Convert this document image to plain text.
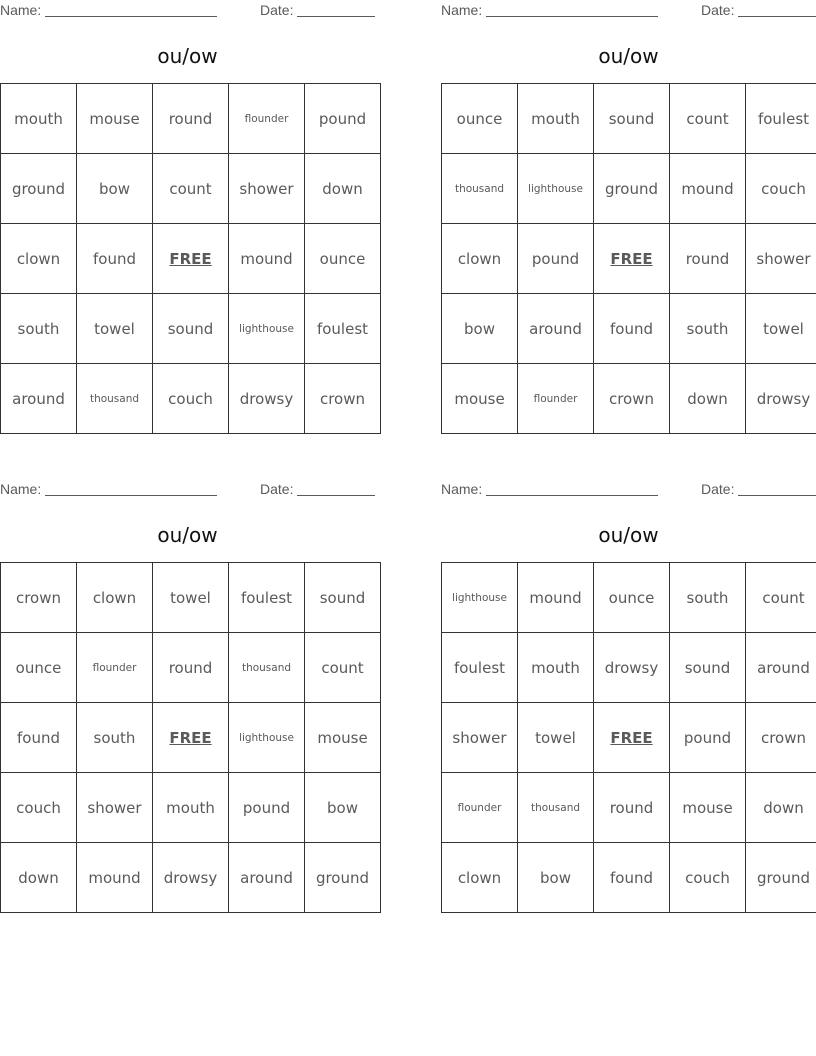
Name:	Date:
ou/ow
mouth	mouse	round	flounder	pound
ground	bow	count	shower	down
clown	found	FREE	mound	ounce
south	towel	sound	lighthouse	foulest
around	thousand	couch	drowsy	crown
Name:	Date:
ou/ow
ounce	mouth	sound	count	foulest
thousand	lighthouse	ground	mound	couch
clown	pound	FREE	round	shower
bow	around	found	south	towel
mouse	flounder	crown	down	drowsy
Name:	Date:
ou/ow
crown	clown	towel	foulest	sound
ounce	flounder	round	thousand	count
found	south	FREE	lighthouse	mouse
couch	shower	mouth	pound	bow
down	mound	drowsy	around	ground
Name:	Date:
ou/ow
lighthouse	mound	ounce	south	count
foulest	mouth	drowsy	sound	around
shower	towel	FREE	pound	crown
flounder	thousand	round	mouse	down
clown	bow	found	couch	ground
